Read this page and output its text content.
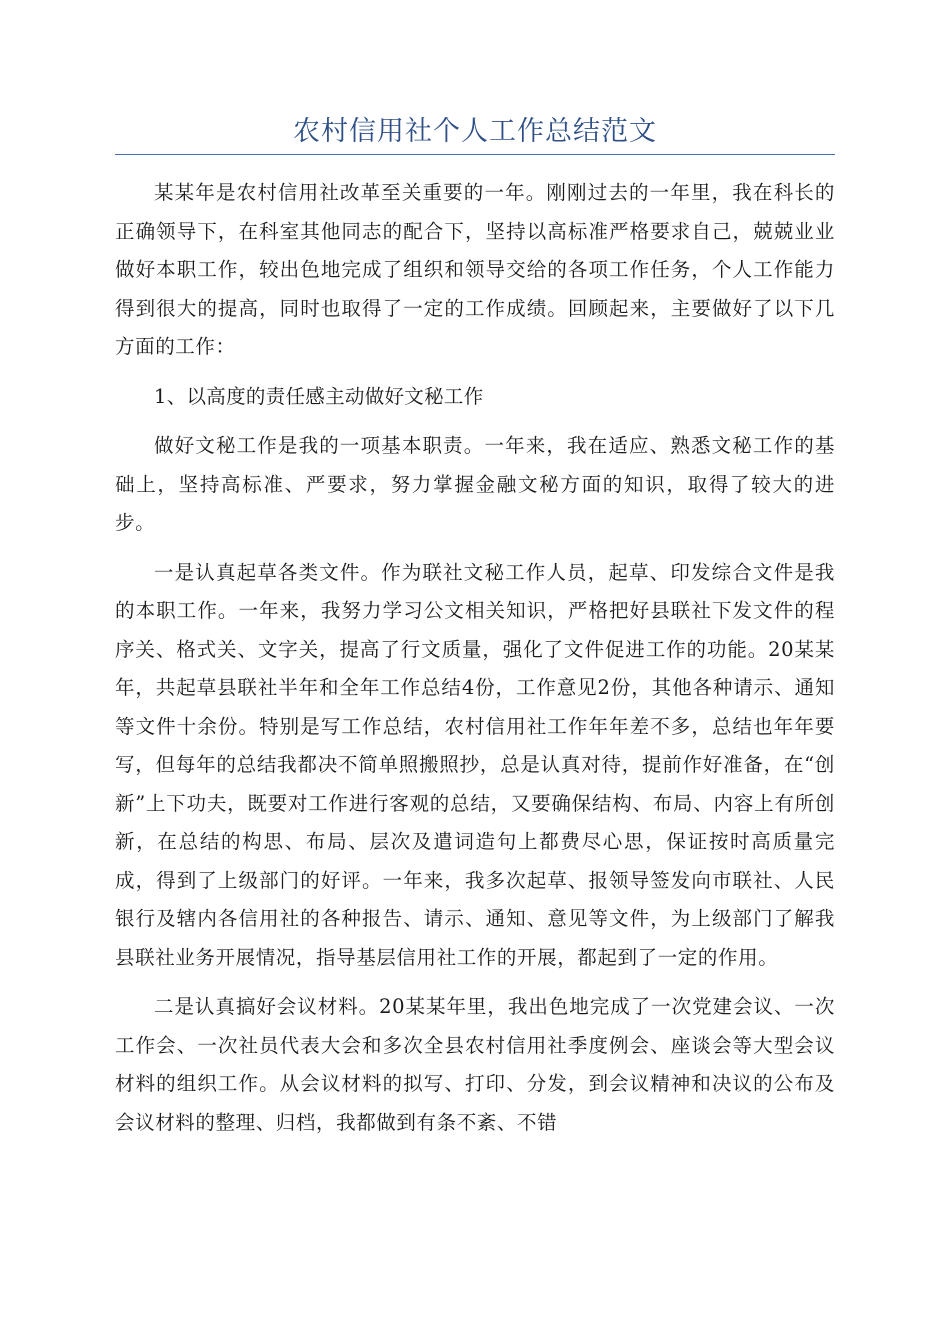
农村信用社个人工作总结范文

某某年是农村信用社改革至关重要的一年。刚刚过去的一年里，我在科长的正确领导下，在科室其他同志的配合下，坚持以高标准严格要求自己，兢兢业业做好本职工作，较出色地完成了组织和领导交给的各项工作任务，个人工作能力得到很大的提高，同时也取得了一定的工作成绩。回顾起来，主要做好了以下几方面的工作：

1、以高度的责任感主动做好文秘工作

做好文秘工作是我的一项基本职责。一年来，我在适应、熟悉文秘工作的基础上，坚持高标准、严要求，努力掌握金融文秘方面的知识，取得了较大的进步。

一是认真起草各类文件。作为联社文秘工作人员，起草、印发综合文件是我的本职工作。一年来，我努力学习公文相关知识，严格把好县联社下发文件的程序关、格式关、文字关，提高了行文质量，强化了文件促进工作的功能。20某某年，共起草县联社半年和全年工作总结4份，工作意见2份，其他各种请示、通知等文件十余份。特别是写工作总结，农村信用社工作年年差不多，总结也年年要写，但每年的总结我都决不简单照搬照抄，总是认真对待，提前作好准备，在“创新”上下功夫，既要对工作进行客观的总结，又要确保结构、布局、内容上有所创新，在总结的构思、布局、层次及遣词造句上都费尽心思，保证按时高质量完成，得到了上级部门的好评。一年来，我多次起草、报领导签发向市联社、人民银行及辖内各信用社的各种报告、请示、通知、意见等文件，为上级部门了解我县联社业务开展情况，指导基层信用社工作的开展，都起到了一定的作用。

二是认真搞好会议材料。20某某年里，我出色地完成了一次党建会议、一次工作会、一次社员代表大会和多次全县农村信用社季度例会、座谈会等大型会议材料的组织工作。从会议材料的拟写、打印、分发，到会议精神和决议的公布及会议材料的整理、归档，我都做到有条不紊、不错
